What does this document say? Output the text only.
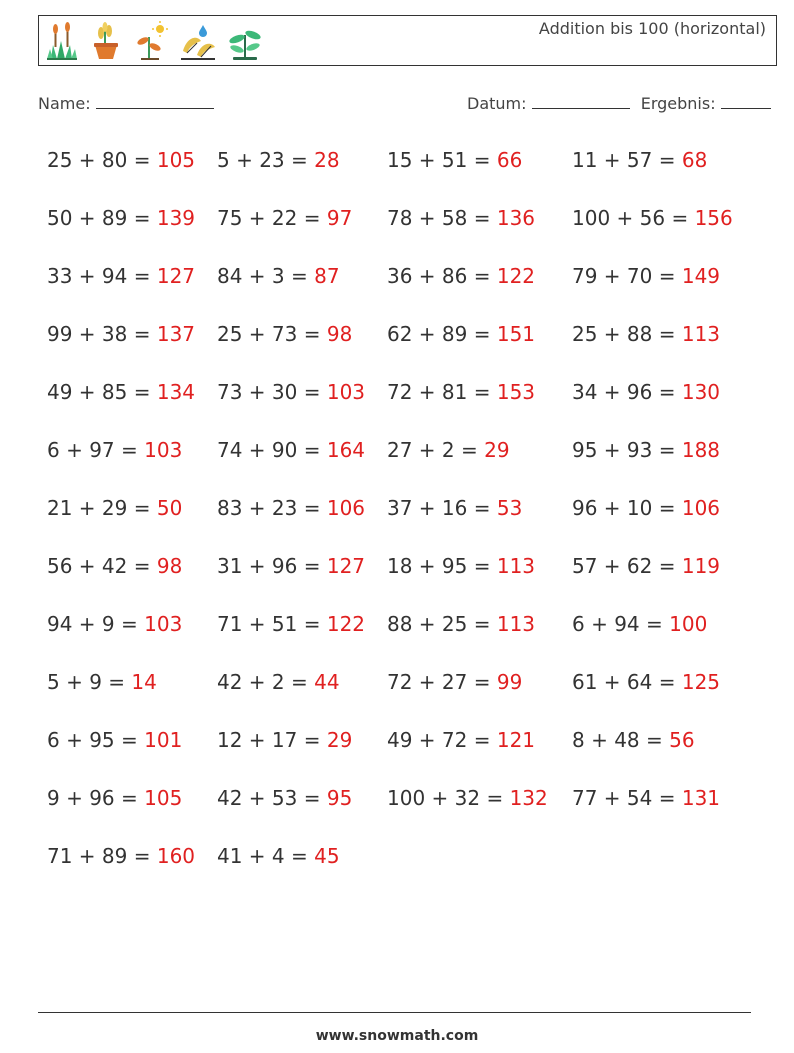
Addition bis 100 (horizontal)
Name:	Datum:	Ergebnis:
25 + 80 = 105 5 + 23 = 28 15 + 51 = 66 11 + 57 = 68
50 + 89 = 139 75 + 22 = 97 78 + 58 = 136 100 + 56 = 156
33 + 94 = 127 84 + 3 = 87 36 + 86 = 122 79 + 70 = 149
99 + 38 = 137 25 + 73 = 98 62 + 89 = 151 25 + 88 = 113
49 + 85 = 134 73 + 30 = 103 72 + 81 = 153 34 + 96 = 130
6 + 97 = 103 74 + 90 = 164 27 + 2 = 29	95 + 93 = 188
21 + 29 = 50 83 + 23 = 106 37 + 16 = 53 96 + 10 = 106
56 + 42 = 98 31 + 96 = 127 18 + 95 = 113 57 + 62 = 119
94 + 9 = 103 71 + 51 = 122 88 + 25 = 113 6 + 94 = 100
5 + 9 = 14	42 + 2 = 44 72 + 27 = 99 61 + 64 = 125
6 + 95 = 101 12 + 17 = 29 49 + 72 = 121 8 + 48 = 56
9 + 96 = 105 42 + 53 = 95 100 + 32 = 132 77 + 54 = 131
71 + 89 = 160 41 + 4 = 45
www.snowmath.com
